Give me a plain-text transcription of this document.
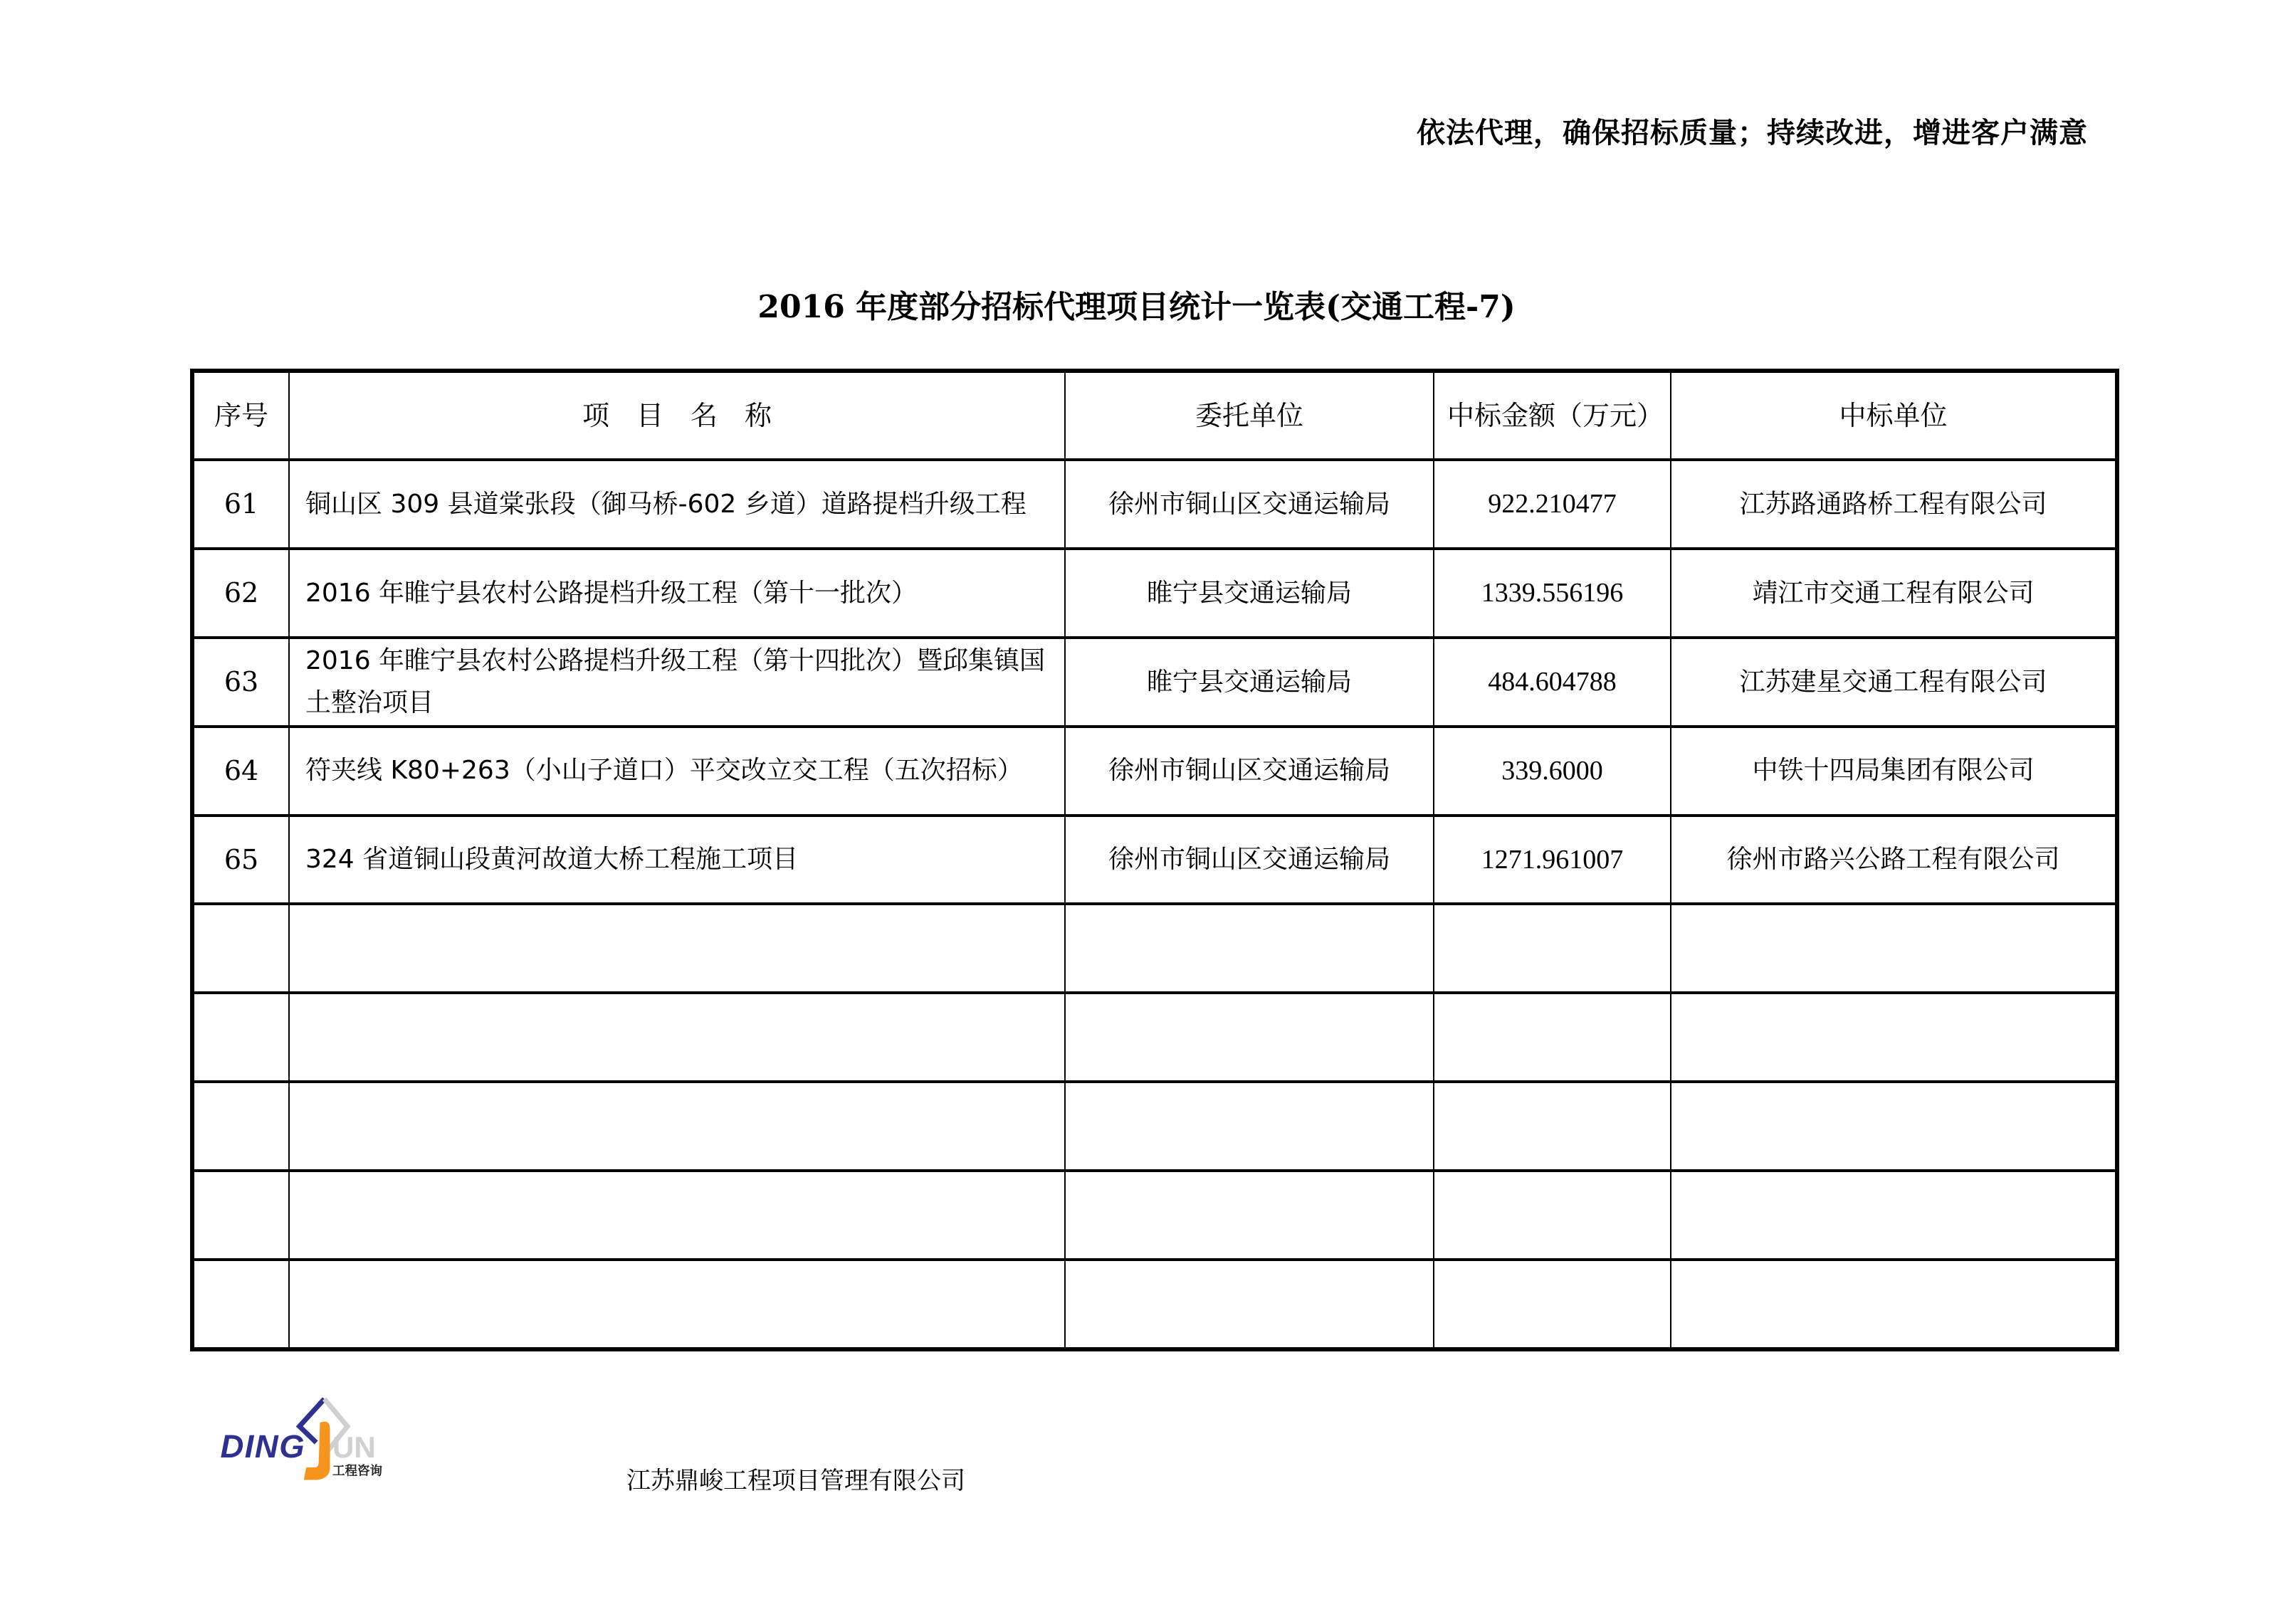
依法代理，确保招标质量；持续改进，增进客户满意
2016 年度部分招标代理项目统计一览表(交通工程-7)
序号	项　目　名　称	委托单位	中标金额（万元）	中标单位
61	铜山区 309 县道棠张段（御马桥-602 乡道）道路提档升级工程	徐州市铜山区交通运输局	922.210477	江苏路通路桥工程有限公司
62	2016 年睢宁县农村公路提档升级工程（第十一批次）	睢宁县交通运输局	1339.556196	靖江市交通工程有限公司
63	2016 年睢宁县农村公路提档升级工程（第十四批次）暨邱集镇国土整治项目	睢宁县交通运输局	484.604788	江苏建星交通工程有限公司
64	符夹线 K80+263（小山子道口）平交改立交工程（五次招标）	徐州市铜山区交通运输局	339.6000	中铁十四局集团有限公司
65	324 省道铜山段黄河故道大桥工程施工项目	徐州市铜山区交通运输局	1271.961007	徐州市路兴公路工程有限公司

DING UN
工程咨询	江苏鼎峻工程项目管理有限公司
